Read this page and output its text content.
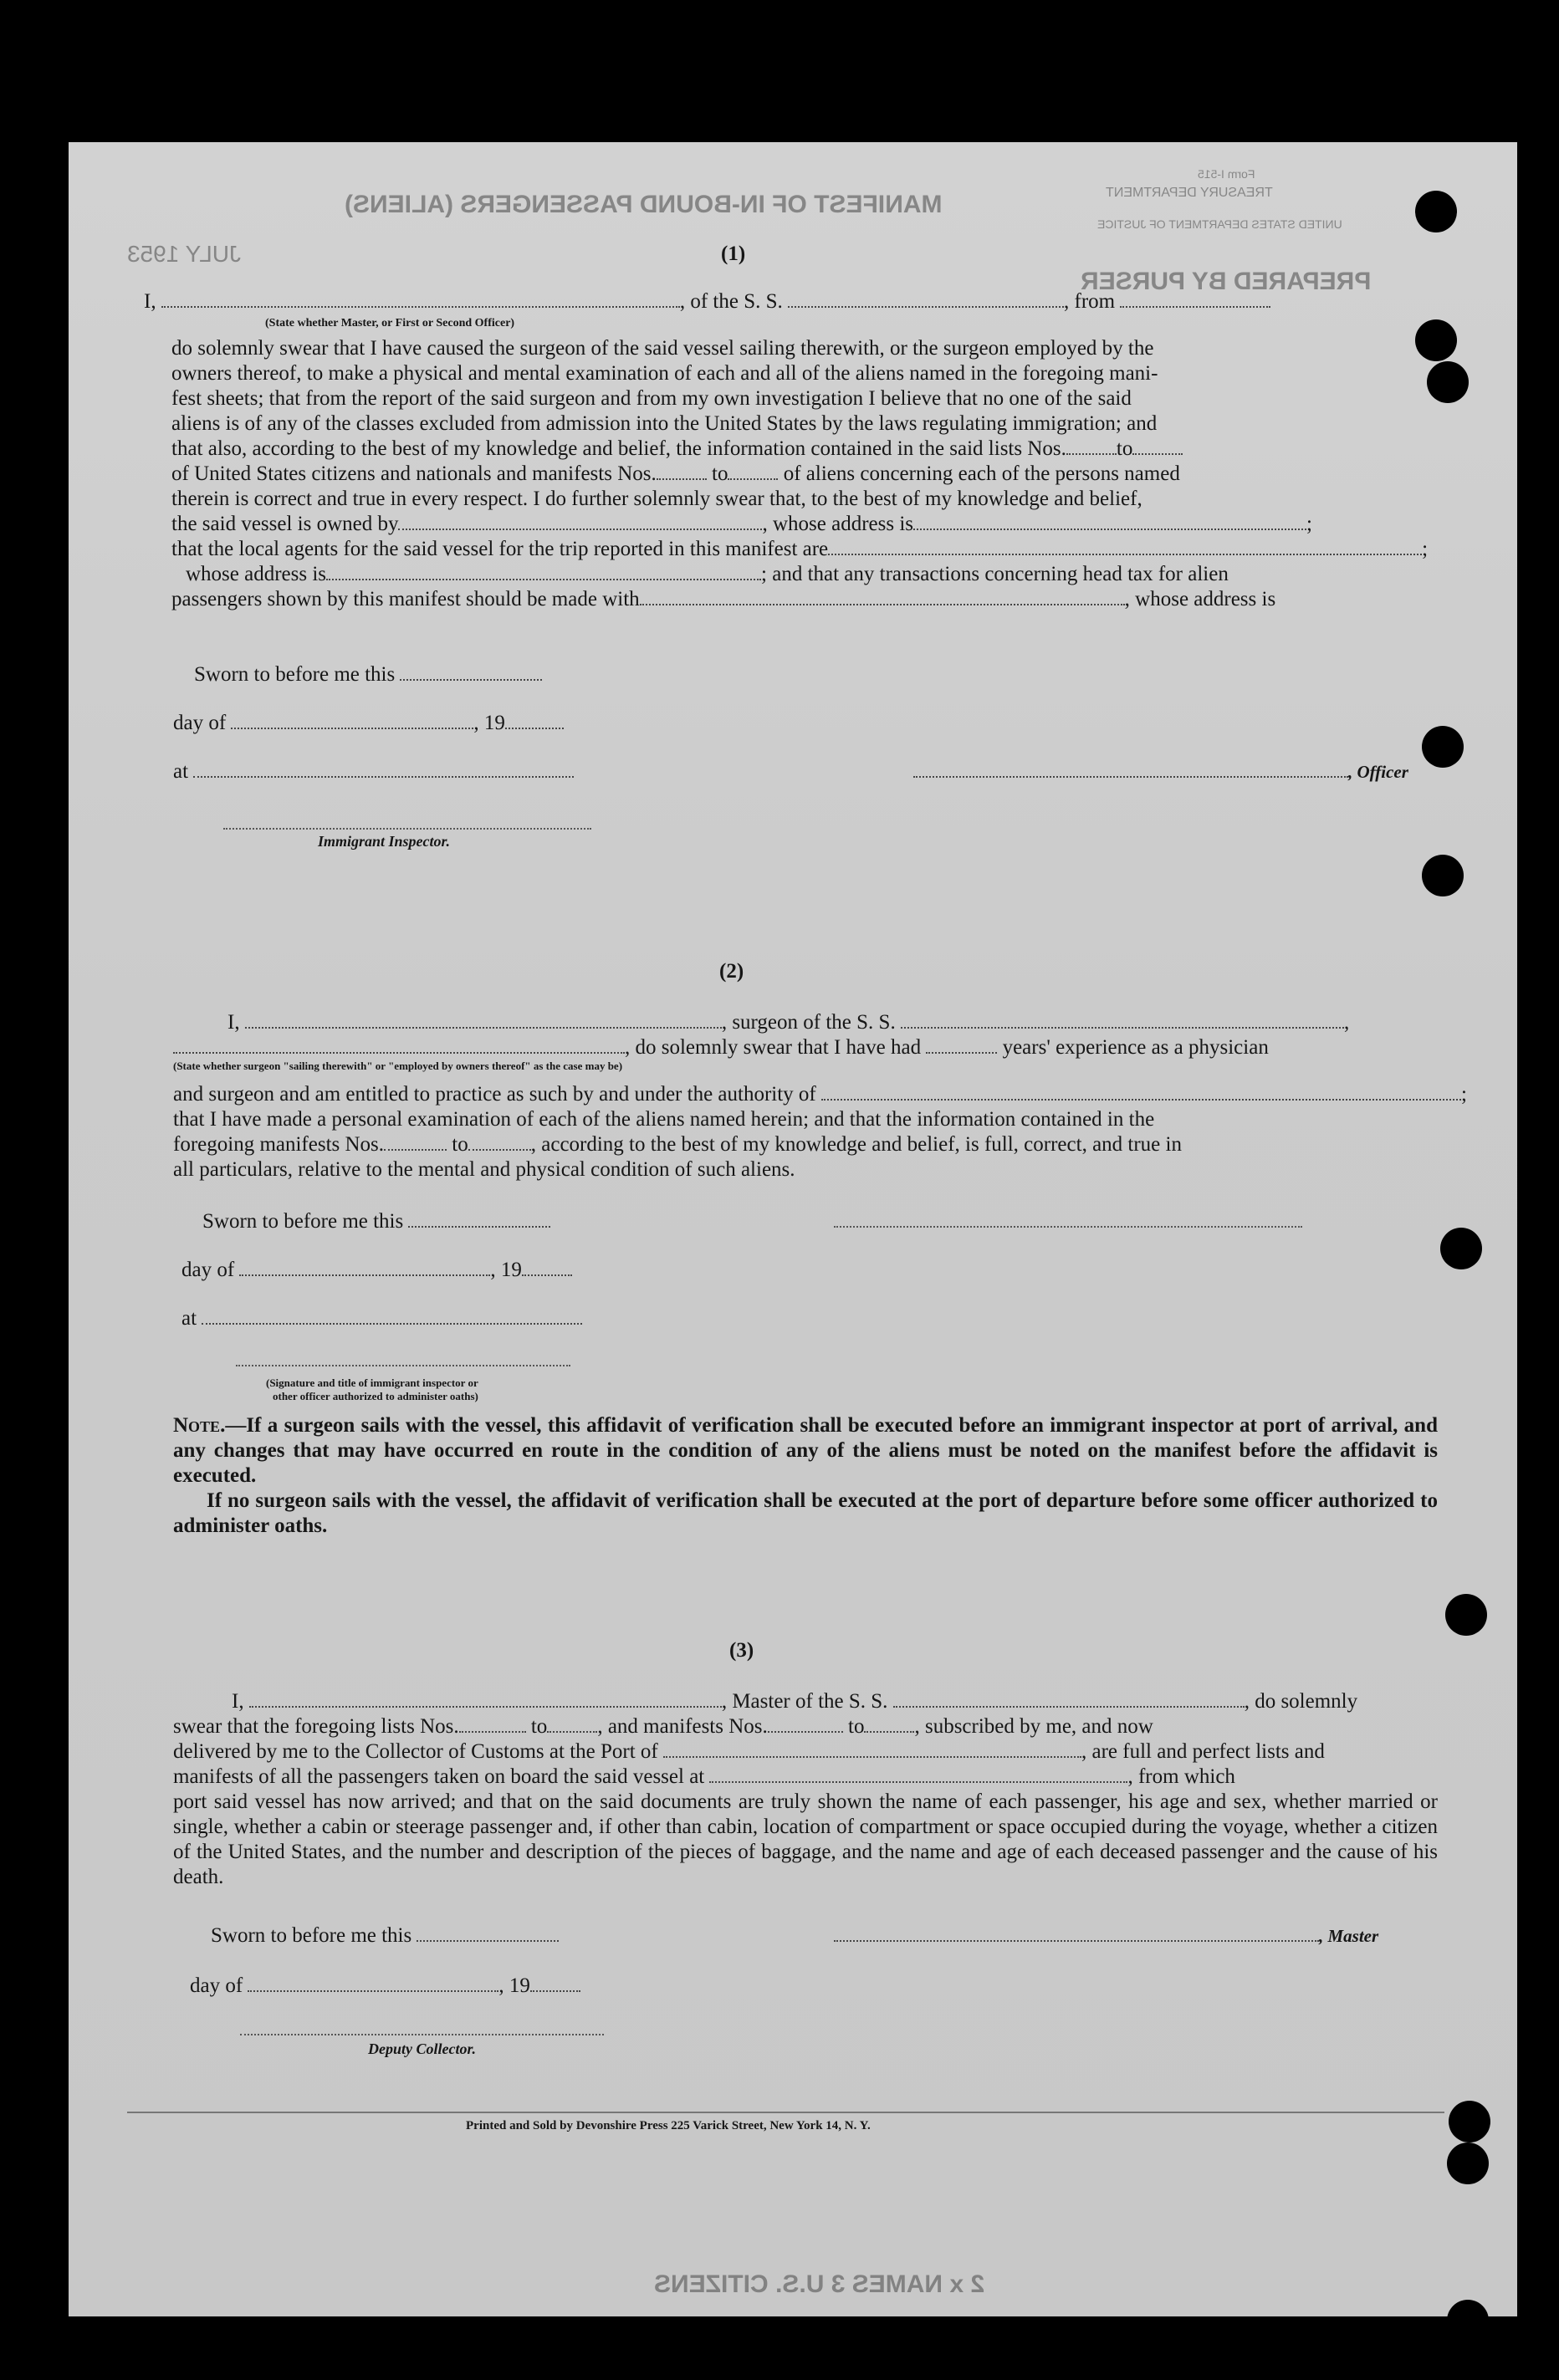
MANIFEST OF IN-BOUND PASSENGERS (ALIENS)
Form I-515
TREASURY DEPARTMENT
UNITED STATES DEPARTMENT OF JUSTICE
PREPARED BY PURSER
JULY 1953	(1)
I,	, of the S. S.	, from
(State whether Master, or First or Second Officer)

do solemnly swear that I have caused the surgeon of the said vessel sailing therewith, or the surgeon employed by the

owners thereof, to make a physical and mental examination of each and all of the aliens named in the foregoing mani-

fest sheets; that from the report of the said surgeon and from my own investigation I believe that no one of the said

aliens is of any of the classes excluded from admission into the United States by the laws regulating immigration; and

that also, according to the best of my knowledge and belief, the information contained in the said lists Nos. to
of United States citizens and nationals and manifests Nos.	to	of aliens concerning each of the persons named

therein is correct and true in every respect. I do further solemnly swear that, to the best of my knowledge and belief,

the said vessel is owned by	, whose address is	;
that the local agents for the said vessel for the trip reported in this manifest are	;
whose address is	; and that any transactions concerning head tax for alien
passengers shown by this manifest should be made with	, whose address is
Sworn to before me this
day of	, 19
at	, Officer
Immigrant Inspector.
(2)
I,	, surgeon of the S. S.	,
, do solemnly swear that I have had	years' experience as a physician
(State whether surgeon "sailing therewith" or "employed by owners thereof" as the case may be)
and surgeon and am entitled to practice as such by and under the authority of	;

that I have made a personal examination of each of the aliens named herein; and that the information contained in the

foregoing manifests Nos.	to	, according to the best of my knowledge and belief, is full, correct, and true in

all particulars, relative to the mental and physical condition of such aliens.

Sworn to before me this
day of	, 19
at
(Signature and title of immigrant inspector or
other officer authorized to administer oaths)

Note.—If a surgeon sails with the vessel, this affidavit of verification shall be executed before an immigrant inspector at port of arrival, and any changes that may have occurred en route in the condition of any of the aliens must be noted on the manifest before the affidavit is executed.

If no surgeon sails with the vessel, the affidavit of verification shall be executed at the port of departure before some officer authorized to administer oaths.

(3)
I,	, Master of the S. S.	, do solemnly
swear that the foregoing lists Nos.	to , and manifests Nos.	to , subscribed by me, and now
delivered by me to the Collector of Customs at the Port of	, are full and perfect lists and
manifests of all the passengers taken on board the said vessel at	, from which

port said vessel has now arrived; and that on the said documents are truly shown the name of each passenger, his age and sex, whether married or single, whether a cabin or steerage passenger and, if other than cabin, location of compartment or space occupied during the voyage, whether a citizen of the United States, and the number and description of the pieces of baggage, and the name and age of each deceased passenger and the cause of his death.

Sworn to before me this	, Master
day of	, 19
Deputy Collector.
Printed and Sold by Devonshire Press 225 Varick Street, New York 14, N. Y.
2 x NAMES 3 U.S. CITIZENS
